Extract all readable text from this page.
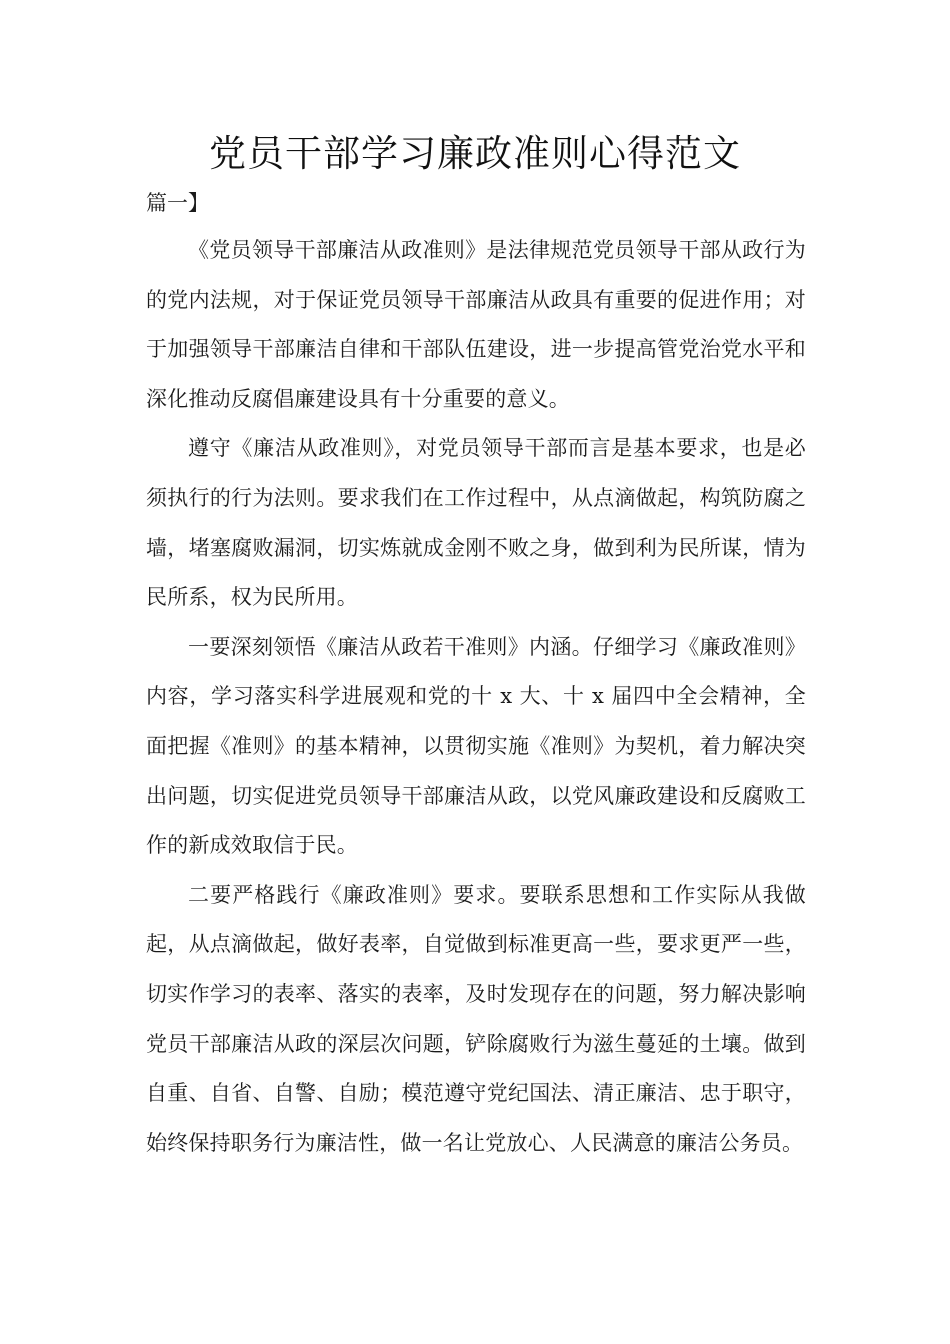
党员干部学习廉政准则心得范文

篇一】

《党员领导干部廉洁从政准则》是法律规范党员领导干部从政行为的党内法规，对于保证党员领导干部廉洁从政具有重要的促进作用；对于加强领导干部廉洁自律和干部队伍建设，进一步提高管党治党水平和深化推动反腐倡廉建设具有十分重要的意义。

遵守《廉洁从政准则》，对党员领导干部而言是基本要求，也是必须执行的行为法则。要求我们在工作过程中，从点滴做起，构筑防腐之墙，堵塞腐败漏洞，切实炼就成金刚不败之身，做到利为民所谋，情为民所系，权为民所用。

一要深刻领悟《廉洁从政若干准则》内涵。仔细学习《廉政准则》内容，学习落实科学进展观和党的十 x 大、十 x 届四中全会精神，全面把握《准则》的基本精神，以贯彻实施《准则》为契机，着力解决突出问题，切实促进党员领导干部廉洁从政，以党风廉政建设和反腐败工作的新成效取信于民。

二要严格践行《廉政准则》要求。要联系思想和工作实际从我做起，从点滴做起，做好表率，自觉做到标准更高一些，要求更严一些，切实作学习的表率、落实的表率，及时发现存在的问题，努力解决影响党员干部廉洁从政的深层次问题，铲除腐败行为滋生蔓延的土壤。做到自重、自省、自警、自励；模范遵守党纪国法、清正廉洁、忠于职守，始终保持职务行为廉洁性，做一名让党放心、人民满意的廉洁公务员。
